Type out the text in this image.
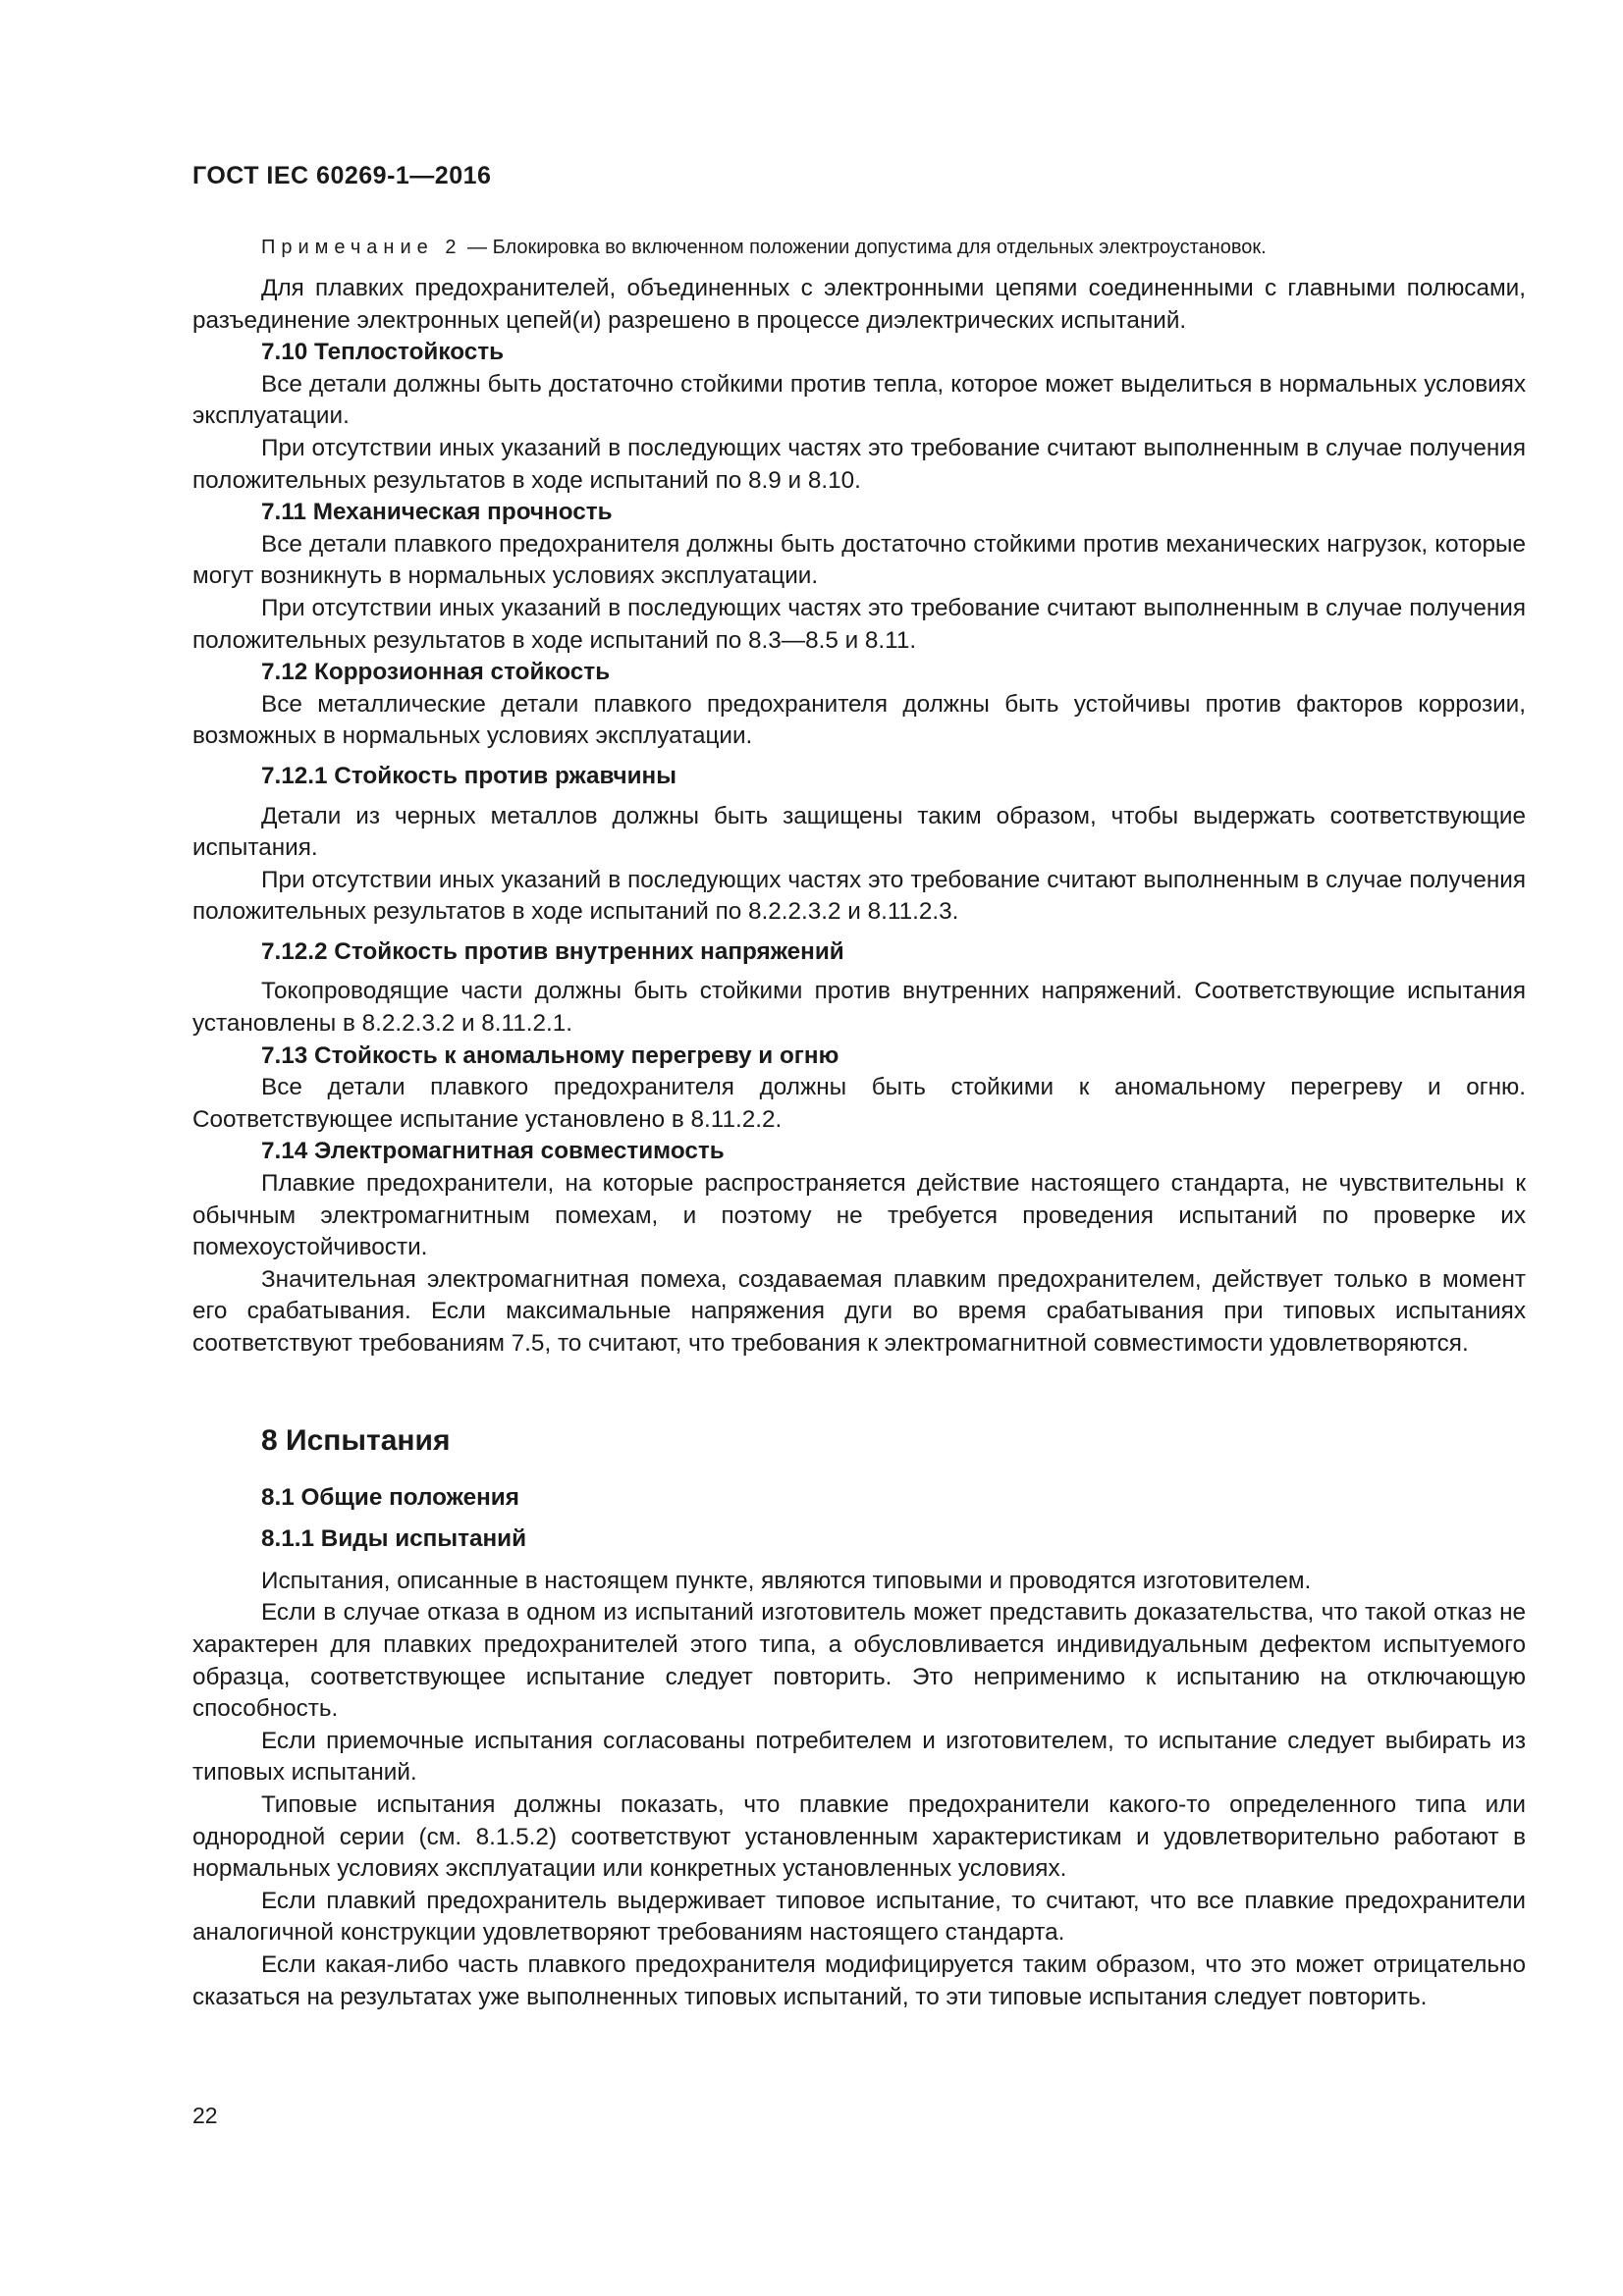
ГОСТ IEC 60269-1—2016

Примечание 2 — Блокировка во включенном положении допустима для отдельных электроустановок.

Для плавких предохранителей, объединенных с электронными цепями соединенными с главными полюсами, разъединение электронных цепей(и) разрешено в процессе диэлектрических испытаний.

7.10 Теплостойкость

Все детали должны быть достаточно стойкими против тепла, которое может выделиться в нормальных условиях эксплуатации.

При отсутствии иных указаний в последующих частях это требование считают выполненным в случае получения положительных результатов в ходе испытаний по 8.9 и 8.10.

7.11 Механическая прочность

Все детали плавкого предохранителя должны быть достаточно стойкими против механических нагрузок, которые могут возникнуть в нормальных условиях эксплуатации.

При отсутствии иных указаний в последующих частях это требование считают выполненным в случае получения положительных результатов в ходе испытаний по 8.3—8.5 и 8.11.

7.12 Коррозионная стойкость

Все металлические детали плавкого предохранителя должны быть устойчивы против факторов коррозии, возможных в нормальных условиях эксплуатации.

7.12.1 Стойкость против ржавчины

Детали из черных металлов должны быть защищены таким образом, чтобы выдержать соответствующие испытания.

При отсутствии иных указаний в последующих частях это требование считают выполненным в случае получения положительных результатов в ходе испытаний по 8.2.2.3.2 и 8.11.2.3.

7.12.2 Стойкость против внутренних напряжений

Токопроводящие части должны быть стойкими против внутренних напряжений. Соответствующие испытания установлены в 8.2.2.3.2 и 8.11.2.1.

7.13 Стойкость к аномальному перегреву и огню

Все детали плавкого предохранителя должны быть стойкими к аномальному перегреву и огню. Соответствующее испытание установлено в 8.11.2.2.

7.14 Электромагнитная совместимость

Плавкие предохранители, на которые распространяется действие настоящего стандарта, не чувствительны к обычным электромагнитным помехам, и поэтому не требуется проведения испытаний по проверке их помехоустойчивости.

Значительная электромагнитная помеха, создаваемая плавким предохранителем, действует только в момент его срабатывания. Если максимальные напряжения дуги во время срабатывания при типовых испытаниях соответствуют требованиям 7.5, то считают, что требования к электромагнитной совместимости удовлетворяются.

8 Испытания
8.1 Общие положения
8.1.1 Виды испытаний

Испытания, описанные в настоящем пункте, являются типовыми и проводятся изготовителем.

Если в случае отказа в одном из испытаний изготовитель может представить доказательства, что такой отказ не характерен для плавких предохранителей этого типа, а обусловливается индивидуальным дефектом испытуемого образца, соответствующее испытание следует повторить. Это неприменимо к испытанию на отключающую способность.

Если приемочные испытания согласованы потребителем и изготовителем, то испытание следует выбирать из типовых испытаний.

Типовые испытания должны показать, что плавкие предохранители какого-то определенного типа или однородной серии (см. 8.1.5.2) соответствуют установленным характеристикам и удовлетворительно работают в нормальных условиях эксплуатации или конкретных установленных условиях.

Если плавкий предохранитель выдерживает типовое испытание, то считают, что все плавкие предохранители аналогичной конструкции удовлетворяют требованиям настоящего стандарта.

Если какая-либо часть плавкого предохранителя модифицируется таким образом, что это может отрицательно сказаться на результатах уже выполненных типовых испытаний, то эти типовые испытания следует повторить.

22
